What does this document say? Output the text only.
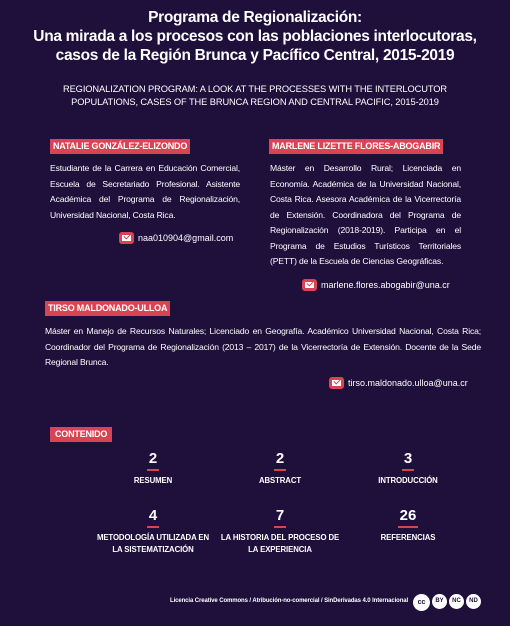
Programa de Regionalización:
Una mirada a los procesos con las poblaciones interlocutoras,
casos de la Región Brunca y Pacífico Central, 2015-2019
REGIONALIZATION PROGRAM: A LOOK AT THE PROCESSES WITH THE INTERLOCUTOR
POPULATIONS, CASES OF THE BRUNCA REGION AND CENTRAL PACIFIC, 2015-2019
NATALIE GONZÁLEZ-ELIZONDO
Estudiante de la Carrera en Educación Comercial, Escuela de Secretariado Profesional. Asistente Académica del Programa de Regionalización, Universidad Nacional, Costa Rica.
naa010904@gmail.com
MARLENE LIZETTE FLORES-ABOGABIR
Máster en Desarrollo Rural; Licenciada en Economía. Académica de la Universidad Nacional, Costa Rica. Asesora Académica de la Vicerrectoría de Extensión. Coordinadora del Programa de Regionalización (2018-2019). Participa en el Programa de Estudios Turísticos Territoriales (PETT) de la Escuela de Ciencias Geográficas.
marlene.flores.abogabir@una.cr
TIRSO MALDONADO-ULLOA
Máster en Manejo de Recursos Naturales; Licenciado en Geografía. Académico Universidad Nacional, Costa Rica; Coordinador del Programa de Regionalización (2013 – 2017) de la Vicerrectoría de Extensión. Docente de la Sede Regional Brunca.
tirso.maldonado.ulloa@una.cr
CONTENIDO
2
RESUMEN
2
ABSTRACT
3
INTRODUCCIÓN
4
METODOLOGÍA UTILIZADA EN LA SISTEMATIZACIÓN
7
LA HISTORIA DEL PROCESO DE LA EXPERIENCIA
26
REFERENCIAS
Licencia Creative Commons / Atribución-no-comercial / SinDerivadas 4.0 Internacional	cc	BY	NC	ND
